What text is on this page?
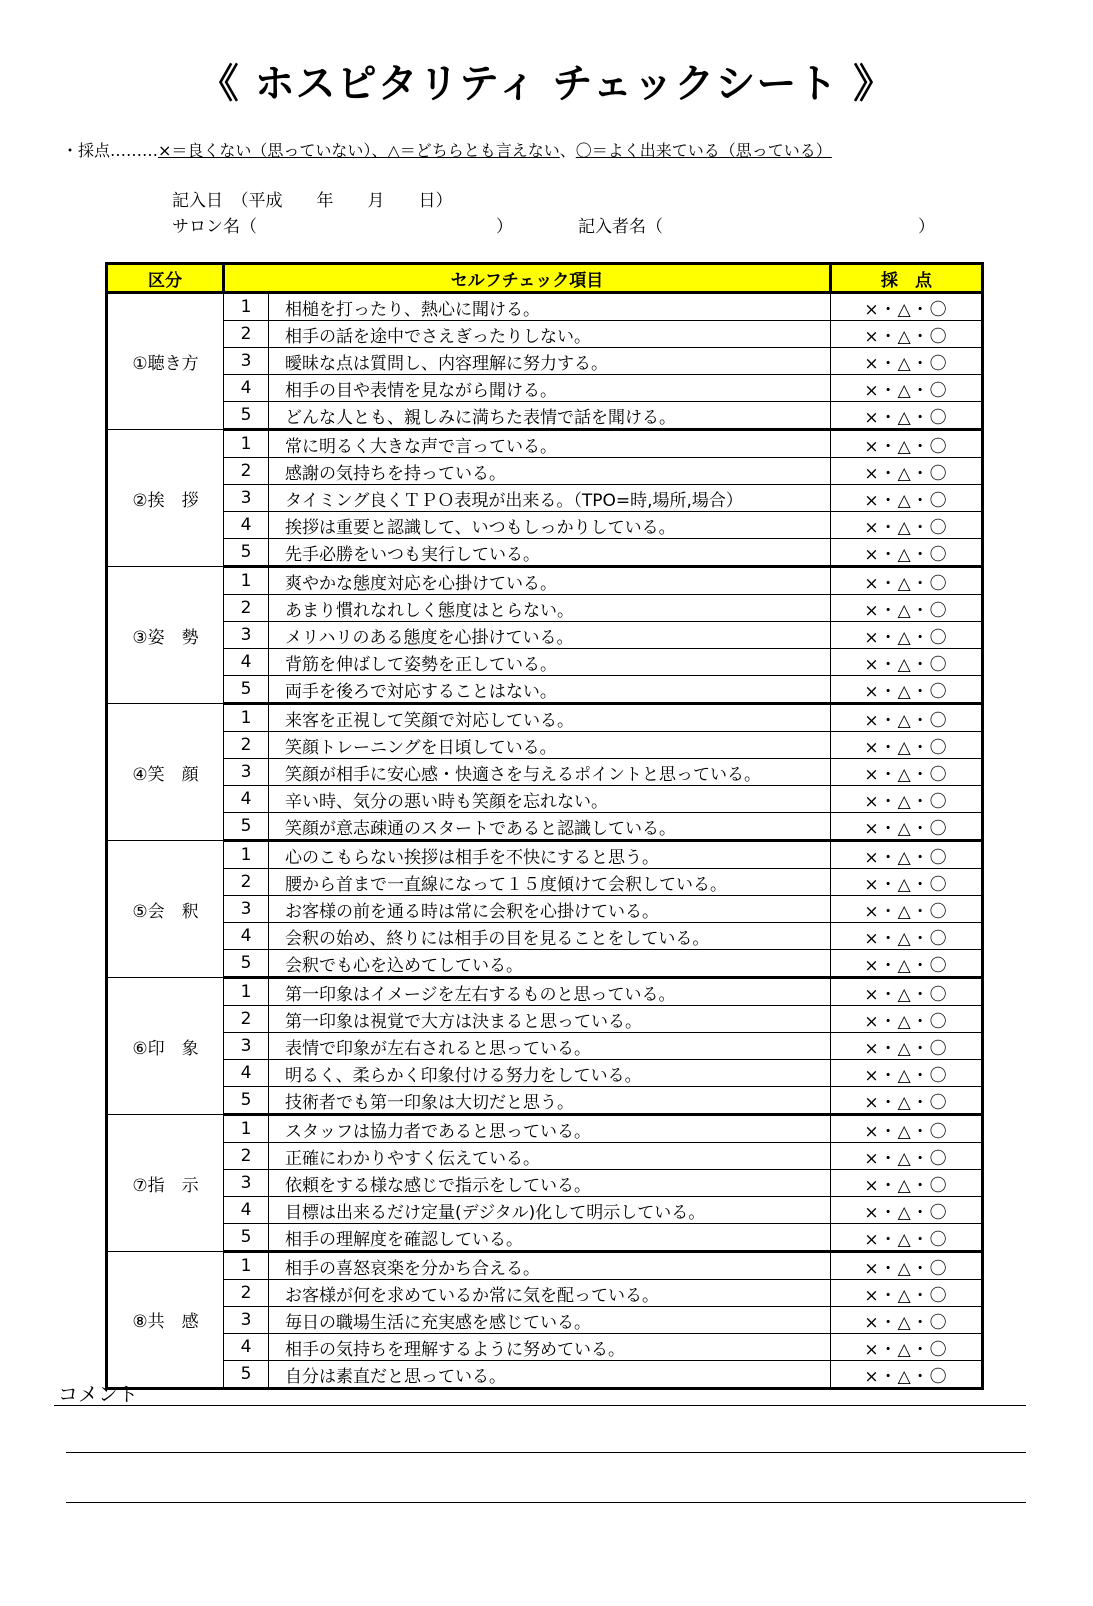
《 ホスピタリティ チェックシート 》
・採点………×＝良くない（思っていない）、△＝どちらとも言えない、〇＝よく出来ている（思っている）
記入日　（平成　　年　　月　　日）
サロン名（	）	記入者名（	）
区分	セルフチェック項目		採　点
①聴き方	1	相槌を打ったり、熱心に聞ける。	×・△・〇
	2	相手の話を途中でさえぎったりしない。	×・△・〇
	3	曖昧な点は質問し、内容理解に努力する。	×・△・〇
	4	相手の目や表情を見ながら聞ける。	×・△・〇
	5	どんな人とも、親しみに満ちた表情で話を聞ける。	×・△・〇
②挨　拶	1	常に明るく大きな声で言っている。	×・△・〇
	2	感謝の気持ちを持っている。	×・△・〇
	3	タイミング良くＴＰＯ表現が出来る。（TPO=時,場所,場合）	×・△・〇
	4	挨拶は重要と認識して、いつもしっかりしている。	×・△・〇
	5	先手必勝をいつも実行している。	×・△・〇
③姿　勢	1	爽やかな態度対応を心掛けている。	×・△・〇
	2	あまり慣れなれしく態度はとらない。	×・△・〇
	3	メリハリのある態度を心掛けている。	×・△・〇
	4	背筋を伸ばして姿勢を正している。	×・△・〇
	5	両手を後ろで対応することはない。	×・△・〇
④笑　顔	1	来客を正視して笑顔で対応している。	×・△・〇
	2	笑顔トレーニングを日頃している。	×・△・〇
	3	笑顔が相手に安心感・快適さを与えるポイントと思っている。	×・△・〇
	4	辛い時、気分の悪い時も笑顔を忘れない。	×・△・〇
	5	笑顔が意志疎通のスタートであると認識している。	×・△・〇
⑤会　釈	1	心のこもらない挨拶は相手を不快にすると思う。	×・△・〇
	2	腰から首まで一直線になって１５度傾けて会釈している。	×・△・〇
	3	お客様の前を通る時は常に会釈を心掛けている。	×・△・〇
	4	会釈の始め、終りには相手の目を見ることをしている。	×・△・〇
	5	会釈でも心を込めてしている。	×・△・〇
⑥印　象	1	第一印象はイメージを左右するものと思っている。	×・△・〇
	2	第一印象は視覚で大方は決まると思っている。	×・△・〇
	3	表情で印象が左右されると思っている。	×・△・〇
	4	明るく、柔らかく印象付ける努力をしている。	×・△・〇
	5	技術者でも第一印象は大切だと思う。	×・△・〇
⑦指　示	1	スタッフは協力者であると思っている。	×・△・〇
	2	正確にわかりやすく伝えている。	×・△・〇
	3	依頼をする様な感じで指示をしている。	×・△・〇
	4	目標は出来るだけ定量(デジタル)化して明示している。	×・△・〇
	5	相手の理解度を確認している。	×・△・〇
⑧共　感	1	相手の喜怒哀楽を分かち合える。	×・△・〇
	2	お客様が何を求めているか常に気を配っている。	×・△・〇
	3	毎日の職場生活に充実感を感じている。	×・△・〇
	4	相手の気持ちを理解するように努めている。	×・△・〇
	5	自分は素直だと思っている。	×・△・〇
コメント
